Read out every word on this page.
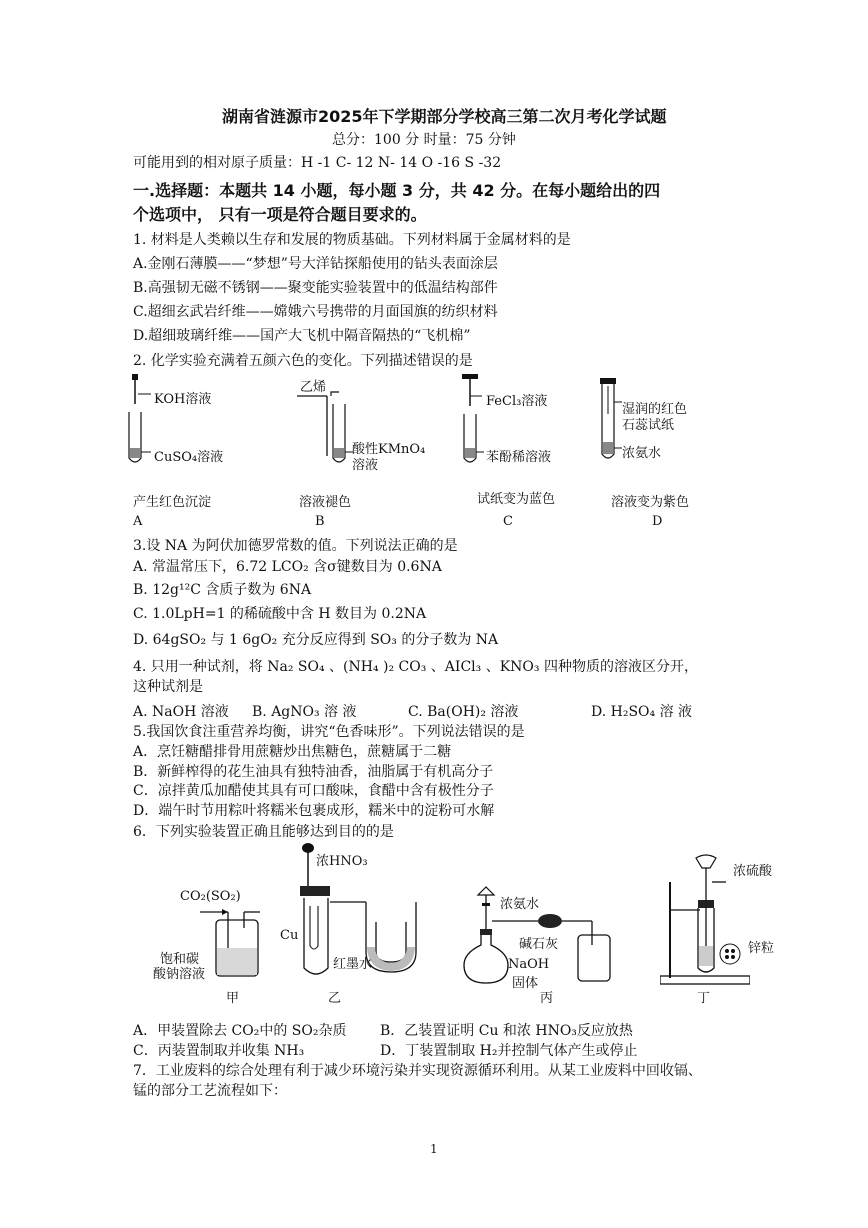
湖南省涟源市2025年下学期部分学校高三第二次月考化学试题
总分：100 分 时量：75 分钟
可能用到的相对原子质量：H -1 C- 12 N- 14 O -16 S -32
一.选择题：本题共 14 小题，每小题 3 分，共 42 分。在每小题给出的四
个选项中， 只有一项是符合题目要求的。
1. 材料是人类赖以生存和发展的物质基础。下列材料属于金属材料的是
A.金刚石薄膜——“梦想”号大洋钻探船使用的钻头表面涂层
B.高强韧无磁不锈钢——聚变能实验装置中的低温结构部件
C.超细玄武岩纤维——嫦娥六号携带的月面国旗的纺织材料
D.超细玻璃纤维——国产大飞机中隔音隔热的“飞机棉”
2. 化学实验充满着五颜六色的变化。下列描述错误的是
KOH溶液
CuSO₄溶液
乙烯
酸性KMnO₄
溶液
FeCl₃溶液
苯酚稀溶液
湿润的红色
石蕊试纸
浓氨水
产生红色沉淀	溶液褪色	试纸变为蓝色	溶液变为紫色
A	B	C	D
3.设 NA 为阿伏加德罗常数的值。下列说法正确的是
A. 常温常压下，6.72 LCO₂ 含σ键数目为 0.6NA
B. 12g¹²C 含质子数为 6NA
C. 1.0LpH=1 的稀硫酸中含 H 数目为 0.2NA
D. 64gSO₂ 与 1 6gO₂ 充分反应得到 SO₃ 的分子数为 NA
4. 只用一种试剂，将 Na₂ SO₄ 、(NH₄ )₂ CO₃ 、AICl₃ 、KNO₃ 四种物质的溶液区分开，
这种试剂是
A. NaOH 溶液 B. AgNO₃ 溶 液	C. Ba(OH)₂ 溶液	D. H₂SO₄ 溶 液
5.我国饮食注重营养均衡，讲究“色香味形”。下列说法错误的是
A．烹饪糖醋排骨用蔗糖炒出焦糖色，蔗糖属于二糖
B．新鲜榨得的花生油具有独特油香，油脂属于有机高分子
C．凉拌黄瓜加醋使其具有可口酸味，食醋中含有极性分子
D．端午时节用粽叶将糯米包裹成形，糯米中的淀粉可水解
6．下列实验装置正确且能够达到目的的是
CO₂(SO₂)
饱和碳
酸钠溶液
甲
浓HNO₃
Cu
红墨水
乙
浓氨水
碱石灰
NaOH
固体
丙
浓硫酸
锌粒
丁
A．甲装置除去 CO₂中的 SO₂杂质 B．乙装置证明 Cu 和浓 HNO₃反应放热
C．丙装置制取并收集 NH₃	D．丁装置制取 H₂并控制气体产生或停止
7．工业废料的综合处理有利于减少环境污染并实现资源循环利用。从某工业废料中回收镉、
锰的部分工艺流程如下：
1
